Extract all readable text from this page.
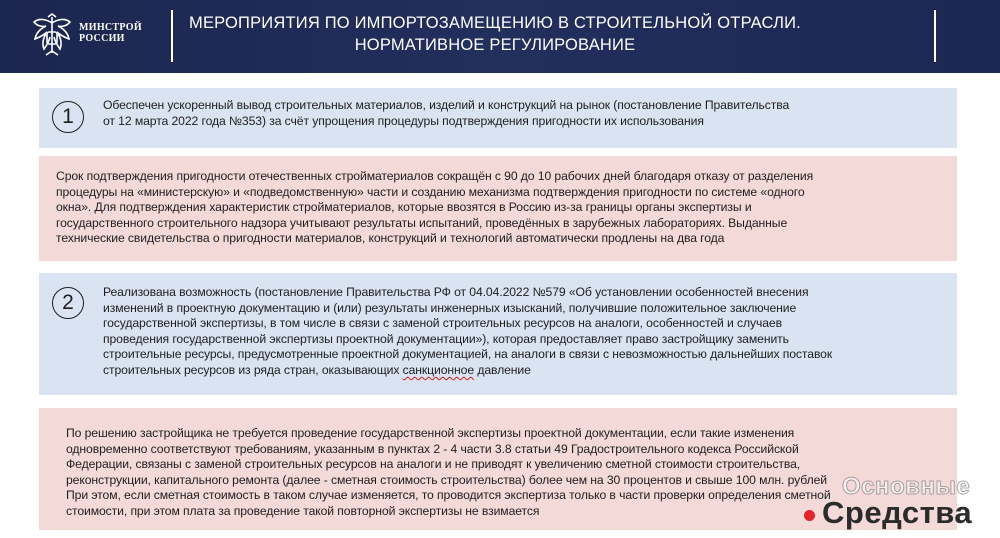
МИНСТРОЙ
РОССИИ
МЕРОПРИЯТИЯ ПО ИМПОРТОЗАМЕЩЕНИЮ В СТРОИТЕЛЬНОЙ ОТРАСЛИ.
НОРМАТИВНОЕ РЕГУЛИРОВАНИЕ
1	Обеспечен ускоренный вывод строительных материалов, изделий и конструкций на рынок (постановление Правительства
от 12 марта 2022 года №353) за счёт упрощения процедуры подтверждения пригодности их использования
Срок подтверждения пригодности отечественных стройматериалов сокращён с 90 до 10 рабочих дней благодаря отказу от разделения
процедуры на «министерскую» и «подведомственную» части и созданию механизма подтверждения пригодности по системе «одного
окна». Для подтверждения характеристик стройматериалов, которые ввозятся в Россию из-за границы органы экспертизы и
государственного строительного надзора учитывают результаты испытаний, проведённых в зарубежных лабораториях. Выданные
технические свидетельства о пригодности материалов, конструкций и технологий автоматически продлены на два года
2	Реализована возможность (постановление Правительства РФ от 04.04.2022 №579 «Об установлении особенностей внесения
изменений в проектную документацию и (или) результаты инженерных изысканий, получившие положительное заключение
государственной экспертизы, в том числе в связи с заменой строительных ресурсов на аналоги, особенностей и случаев
проведения государственной экспертизы проектной документации»), которая предоставляет право застройщику заменить
строительные ресурсы, предусмотренные проектной документацией, на аналоги в связи с невозможностью дальнейших поставок
строительных ресурсов из ряда стран, оказывающих санкционное давление
По решению застройщика не требуется проведение государственной экспертизы проектной документации, если такие изменения
одновременно соответствуют требованиям, указанным в пунктах 2 - 4 части 3.8 статьи 49 Градостроительного кодекса Российской
Федерации, связаны с заменой строительных ресурсов на аналоги и не приводят к увеличению сметной стоимости строительства,
реконструкции, капитального ремонта (далее - сметная стоимость строительства) более чем на 30 процентов и свыше 100 млн. рублей
При этом, если сметная стоимость в таком случае изменяется, то проводится экспертиза только в части проверки определения сметной
стоимости, при этом плата за проведение такой повторной экспертизы не взимается
Основные
Средства
